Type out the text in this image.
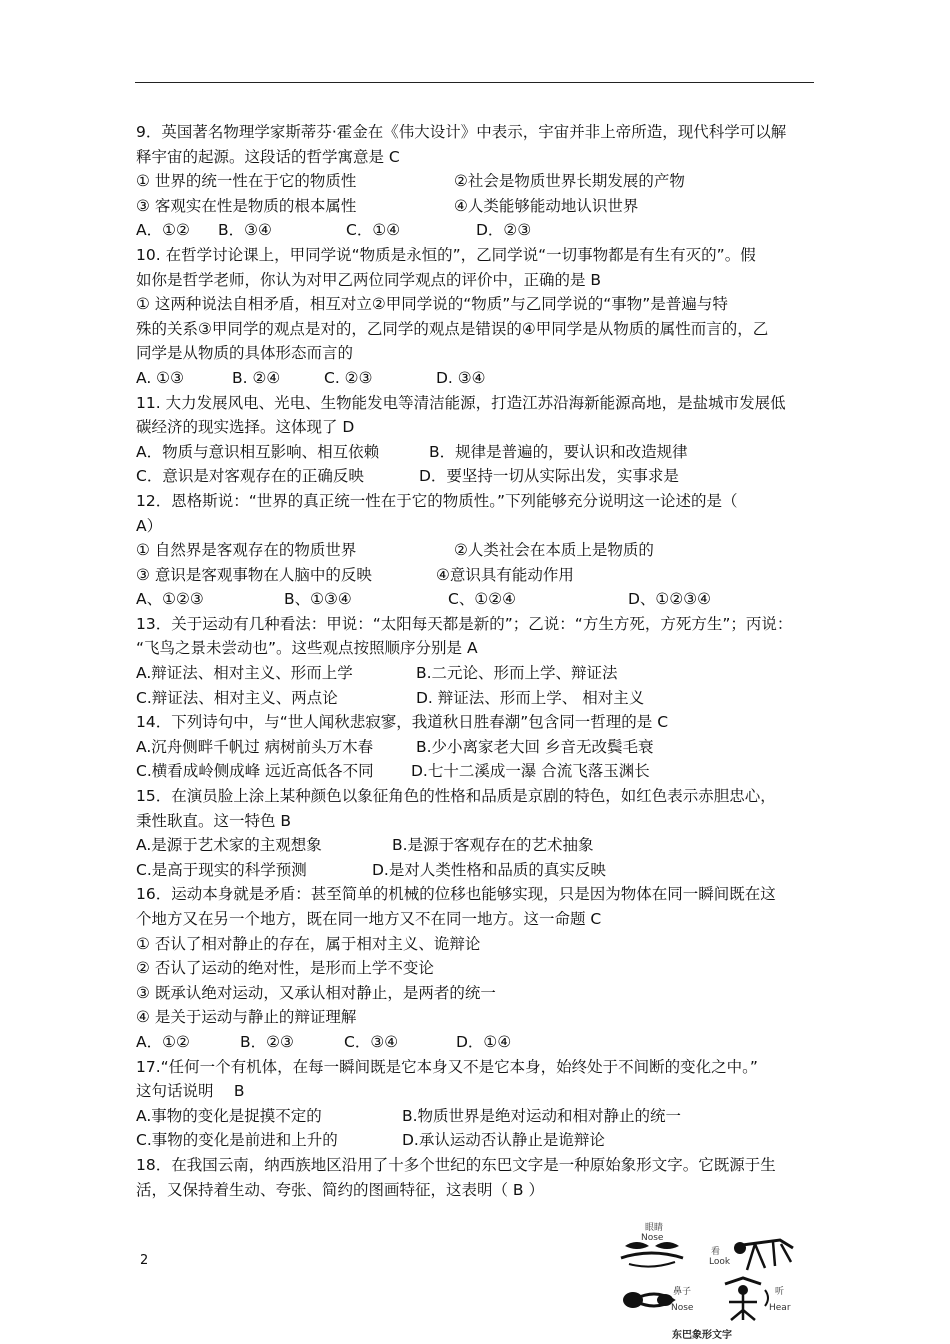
9．英国著名物理学家斯蒂芬·霍金在《伟大设计》中表示，宇宙并非上帝所造，现代科学可以解
释宇宙的起源。这段话的哲学寓意是 C
① 世界的统一性在于它的物质性	②社会是物质世界长期发展的产物
③ 客观实在性是物质的根本属性	④人类能够能动地认识世界
A．①②	B．③④	C．①④	D．②③
10. 在哲学讨论课上，甲同学说“物质是永恒的”，乙同学说“一切事物都是有生有灭的”。假
如你是哲学老师，你认为对甲乙两位同学观点的评价中，正确的是 B
① 这两种说法自相矛盾，相互对立②甲同学说的“物质”与乙同学说的“事物”是普遍与特
殊的关系③甲同学的观点是对的，乙同学的观点是错误的④甲同学是从物质的属性而言的，乙
同学是从物质的具体形态而言的
A. ①③	B. ②④	C. ②③	D. ③④
11. 大力发展风电、光电、生物能发电等清洁能源，打造江苏沿海新能源高地，是盐城市发展低
碳经济的现实选择。这体现了 D
A．物质与意识相互影响、相互依赖	B．规律是普遍的，要认识和改造规律
C．意识是对客观存在的正确反映	D．要坚持一切从实际出发，实事求是
12．恩格斯说：“世界的真正统一性在于它的物质性。”下列能够充分说明这一论述的是（
A）
① 自然界是客观存在的物质世界	②人类社会在本质上是物质的
③ 意识是客观事物在人脑中的反映	④意识具有能动作用
A、①②③	B、①③④	C、①②④	D、①②③④
13．关于运动有几种看法：甲说：“太阳每天都是新的”；乙说：“方生方死，方死方生”；丙说：
“飞鸟之景未尝动也”。这些观点按照顺序分别是 A
A.辩证法、相对主义、形而上学	B.二元论、形而上学、辩证法
C.辩证法、相对主义、两点论	D. 辩证法、形而上学、 相对主义
14．下列诗句中，与“世人闻秋悲寂寥，我道秋日胜春潮”包含同一哲理的是 C
A.沉舟侧畔千帆过 病树前头万木春	B.少小离家老大回 乡音无改鬓毛衰
C.横看成岭侧成峰 远近高低各不同	D.七十二溪成一瀑 合流飞落玉渊长
15．在演员脸上涂上某种颜色以象征角色的性格和品质是京剧的特色，如红色表示赤胆忠心，
秉性耿直。这一特色 B
A.是源于艺术家的主观想象	B.是源于客观存在的艺术抽象
C.是高于现实的科学预测	D.是对人类性格和品质的真实反映
16．运动本身就是矛盾：甚至简单的机械的位移也能够实现，只是因为物体在同一瞬间既在这
个地方又在另一个地方，既在同一地方又不在同一地方。这一命题 C
① 否认了相对静止的存在，属于相对主义、诡辩论
② 否认了运动的绝对性，是形而上学不变论
③ 既承认绝对运动，又承认相对静止，是两者的统一
④ 是关于运动与静止的辩证理解
A．①②	B．②③	C．③④	D．①④
17.“任何一个有机体，在每一瞬间既是它本身又不是它本身，始终处于不间断的变化之中。”
这句话说明　 B
A.事物的变化是捉摸不定的	B.物质世界是绝对运动和相对静止的统一
C.事物的变化是前进和上升的	D.承认运动否认静止是诡辩论
18．在我国云南，纳西族地区沿用了十多个世纪的东巴文字是一种原始象形文字。它既源于生
活，又保持着生动、夸张、简约的图画特征，这表明（ B ）
2
眼睛
Nose
看
Look
鼻子
Nose
听
Hear
东巴象形文字
